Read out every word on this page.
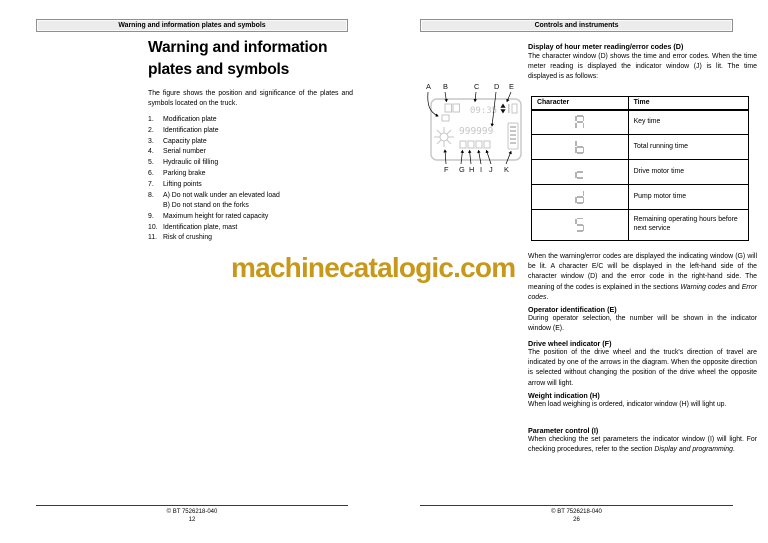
machinecatalogic.com
Warning and information plates and symbols
Warning and information
plates and symbols
The figure shows the position and significance of the plates and symbols located on the truck.
1.	Modification plate
2.	Identification plate
3.	Capacity plate
4.	Serial number
5.	Hydraulic oil filling
6.	Parking brake
7.	Lifting points
8.	A) Do not walk under an elevated load
B) Do not stand on the forks
9.	Maximum height for rated capacity
10. Identification plate, mast
11. Risk of crushing
© BT 7526218-040
12
Controls and instruments
Display of hour meter reading/error codes (D)
The character window (D) shows the time and error codes. When the time meter reading is displayed the indicator window (J) is lit. The time displayed is as follows:
A B	C D E
F G H I J K
09:35
999999
Character	Time

	Key time

	Total running time

	Drive motor time

	Pump motor time

	Remaining operating hours before next service
When the warning/error codes are displayed the indicating window (G) will be lit. A character E/C will be displayed in the left-hand side of the character window (D) and the error code in the right-hand side. The meaning of the codes is explained in the sections Warning codes and Error codes.
Operator identification (E)
During operator selection, the number will be shown in the indicator window (E).
Drive wheel indicator (F)
The position of the drive wheel and the truck's direction of travel are indicated by one of the arrows in the diagram. When the opposite direction is selected without changing the position of the drive wheel the opposite arrow will light.
Weight indication (H)
When load weighing is ordered, indicator window (H) will light up.
Parameter control (I)
When checking the set parameters the indicator window (I) will light. For checking procedures, refer to the section Display and programming.
© BT 7526218-040
26
